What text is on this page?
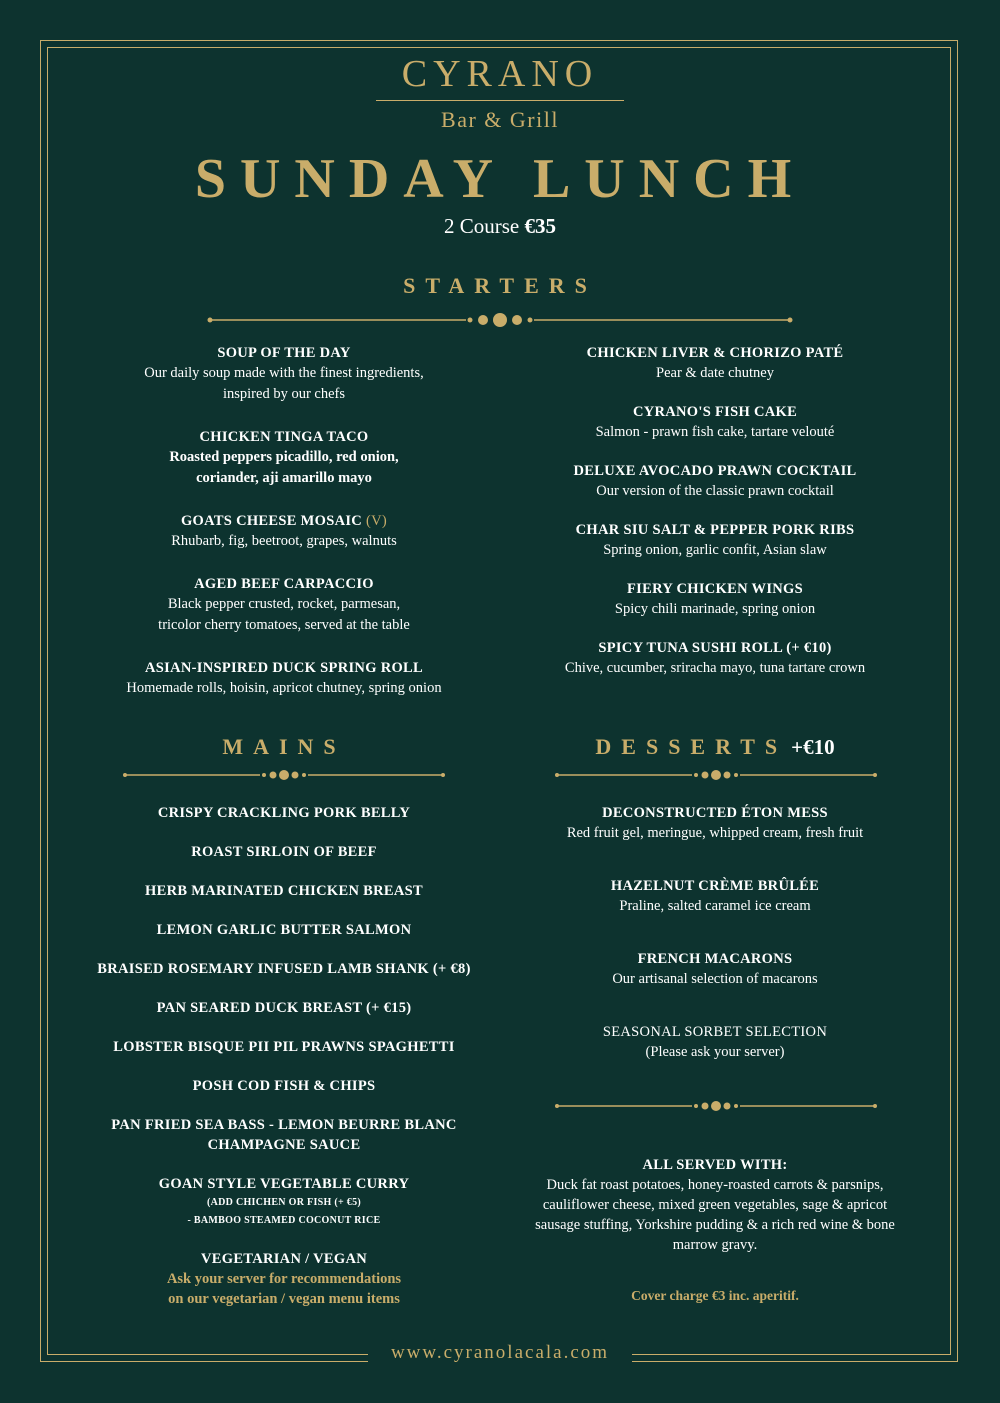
CYRANO
Bar & Grill
SUNDAY LUNCH
2 Course €35
STARTERS
SOUP OF THE DAY
Our daily soup made with the finest ingredients,
inspired by our chefs
CHICKEN TINGA TACO
Roasted peppers picadillo, red onion,
coriander, aji amarillo mayo
GOATS CHEESE MOSAIC (V)
Rhubarb, fig, beetroot, grapes, walnuts
AGED BEEF CARPACCIO
Black pepper crusted, rocket, parmesan,
tricolor cherry tomatoes, served at the table
ASIAN-INSPIRED DUCK SPRING ROLL
Homemade rolls, hoisin, apricot chutney, spring onion
CHICKEN LIVER & CHORIZO PATÉ
Pear & date chutney
CYRANO'S FISH CAKE
Salmon - prawn fish cake, tartare velouté
DELUXE AVOCADO PRAWN COCKTAIL
Our version of the classic prawn cocktail
CHAR SIU SALT & PEPPER PORK RIBS
Spring onion, garlic confit, Asian slaw
FIERY CHICKEN WINGS
Spicy chili marinade, spring onion
SPICY TUNA SUSHI ROLL (+ €10)
Chive, cucumber, sriracha mayo, tuna tartare crown
MAINS
CRISPY CRACKLING PORK BELLY
ROAST SIRLOIN OF BEEF
HERB MARINATED CHICKEN BREAST
LEMON GARLIC BUTTER SALMON
BRAISED ROSEMARY INFUSED LAMB SHANK (+ €8)
PAN SEARED DUCK BREAST (+ €15)
LOBSTER BISQUE PII PIL PRAWNS SPAGHETTI
POSH COD FISH & CHIPS
PAN FRIED SEA BASS - LEMON BEURRE BLANC
CHAMPAGNE SAUCE
GOAN STYLE VEGETABLE CURRY
(ADD CHICHEN OR FISH (+ €5)
- BAMBOO STEAMED COCONUT RICE
VEGETARIAN / VEGAN
Ask your server for recommendations
on our vegetarian / vegan menu items
DESSERTS +€10
DECONSTRUCTED ÉTON MESS
Red fruit gel, meringue, whipped cream, fresh fruit
HAZELNUT CRÈME BRÛLÉE
Praline, salted caramel ice cream
FRENCH MACARONS
Our artisanal selection of macarons
SEASONAL SORBET SELECTION
(Please ask your server)
ALL SERVED WITH:
Duck fat roast potatoes, honey-roasted carrots & parsnips,
cauliflower cheese, mixed green vegetables, sage & apricot
sausage stuffing, Yorkshire pudding & a rich red wine & bone
marrow gravy.
Cover charge €3 inc. aperitif.
www.cyranolacala.com
